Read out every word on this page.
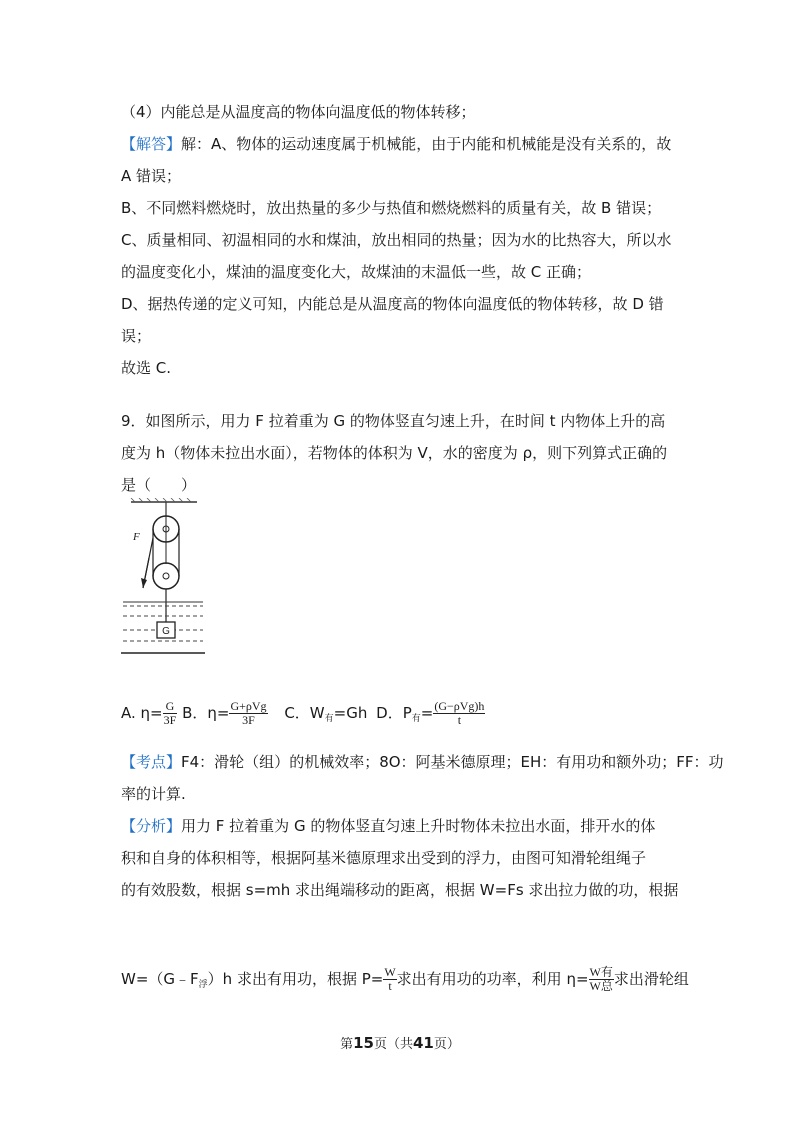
（4）内能总是从温度高的物体向温度低的物体转移；
【解答】解：A、物体的运动速度属于机械能，由于内能和机械能是没有关系的，故
A 错误；
B、不同燃料燃烧时，放出热量的多少与热值和燃烧燃料的质量有关，故 B 错误；
C、质量相同、初温相同的水和煤油，放出相同的热量；因为水的比热容大，所以水
的温度变化小，煤油的温度变化大，故煤油的末温低一些，故 C 正确；
D、据热传递的定义可知，内能总是从温度高的物体向温度低的物体转移，故 D 错
误；
故选 C.
9．如图所示，用力 F 拉着重为 G 的物体竖直匀速上升，在时间 t 内物体上升的高
度为 h（物体未拉出水面），若物体的体积为 V，水的密度为 ρ，则下列算式正确的
是（　　）
F
G
A. $\eta= \frac{G}{3F}$ B．$\eta= \frac{\text{G+ρVg}}{3F}$ C．$W_有=Gh$ D．$P_有= \frac{\text{(G−ρVg)h}}{t}$
【考点】F4：滑轮（组）的机械效率；8O：阿基米德原理；EH：有用功和额外功；FF：功
率的计算.
【分析】用力 F 拉着重为 G 的物体竖直匀速上升时物体未拉出水面，排开水的体
积和自身的体积相等，根据阿基米德原理求出受到的浮力，由图可知滑轮组绳子
的有效股数，根据 s=mh 求出绳端移动的距离，根据 W=Fs 求出拉力做的功，根据
$W=(G﹣F_浮)h$ 求出有用功，根据 $P= \frac{W}{t}$ 求出有用功的功率，利用 $\eta= \frac{\text{W有}}{\text{W总}}$ 求出滑轮组
第15页（共41页）
